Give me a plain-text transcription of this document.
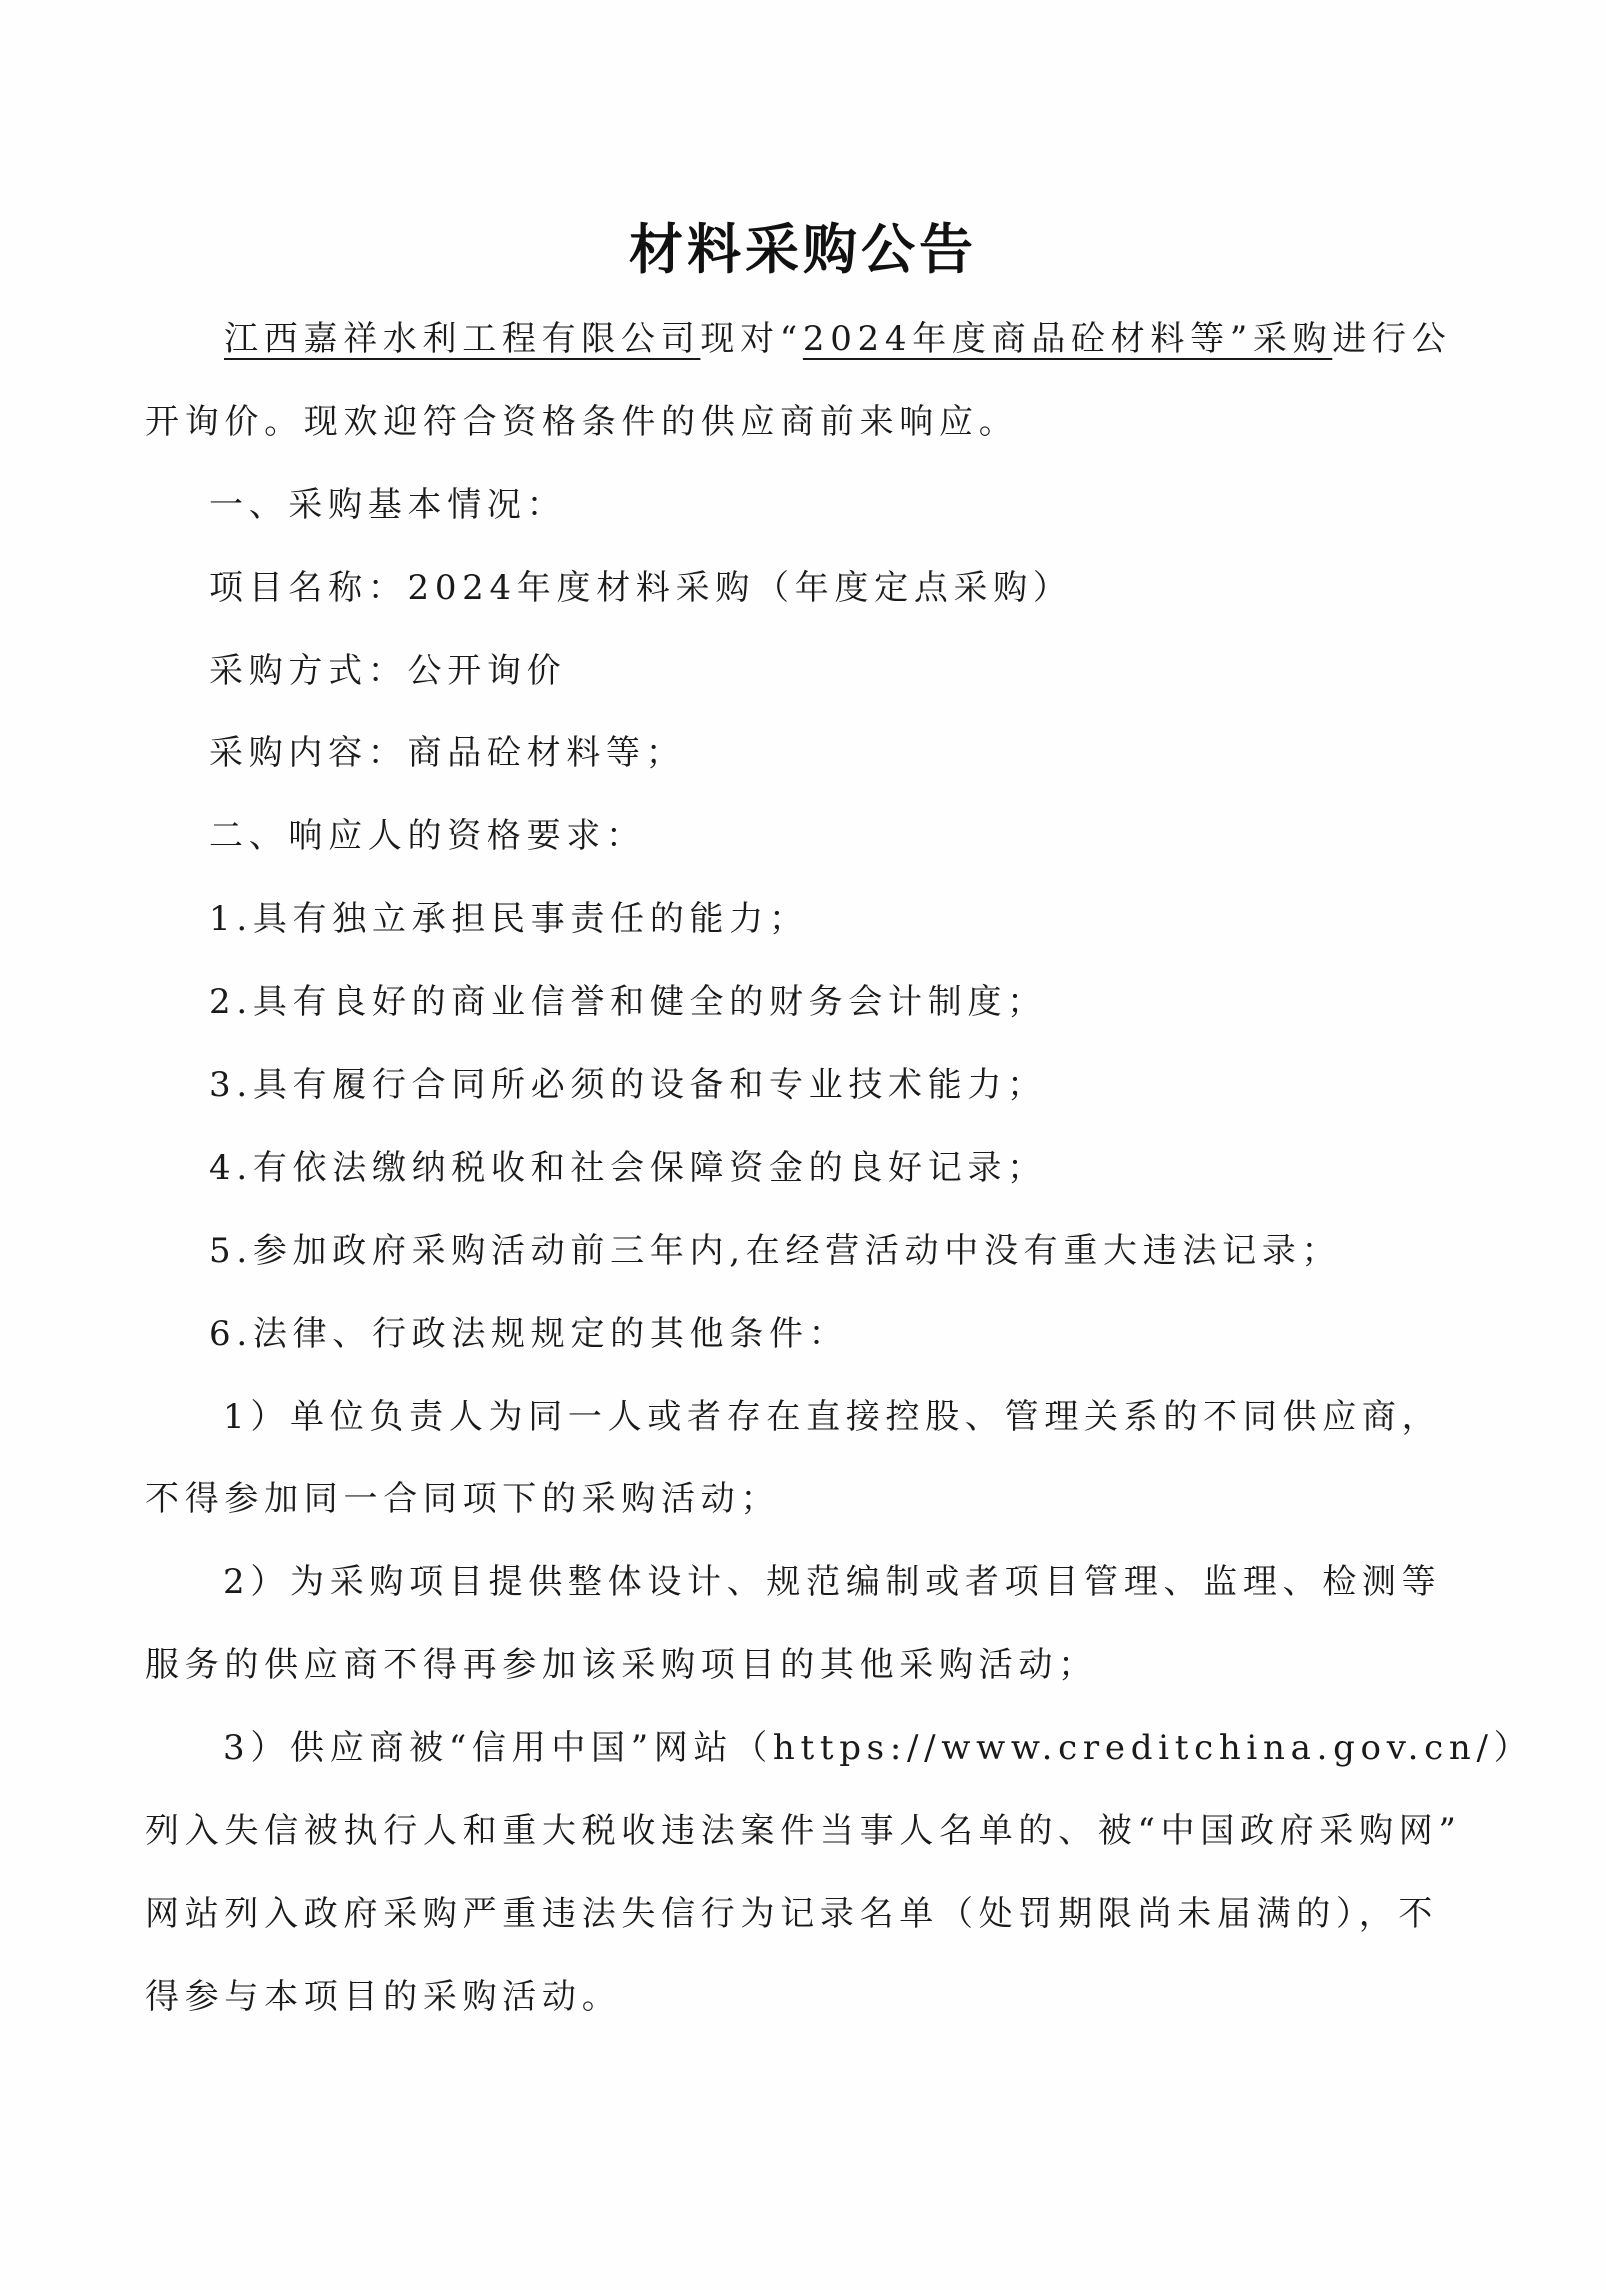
材料采购公告
江西嘉祥水利工程有限公司现对“2024年度商品砼材料等”采购进行公
开询价。现欢迎符合资格条件的供应商前来响应。
一、采购基本情况：
项目名称：2024年度材料采购（年度定点采购）
采购方式：公开询价
采购内容：商品砼材料等；
二、响应人的资格要求：
1.具有独立承担民事责任的能力；
2.具有良好的商业信誉和健全的财务会计制度；
3.具有履行合同所必须的设备和专业技术能力；
4.有依法缴纳税收和社会保障资金的良好记录；
5.参加政府采购活动前三年内,在经营活动中没有重大违法记录；
6.法律、行政法规规定的其他条件：
1）单位负责人为同一人或者存在直接控股、管理关系的不同供应商，
不得参加同一合同项下的采购活动；
2）为采购项目提供整体设计、规范编制或者项目管理、监理、检测等
服务的供应商不得再参加该采购项目的其他采购活动；
3）供应商被“信用中国”网站（https://www.creditchina.gov.cn/）
列入失信被执行人和重大税收违法案件当事人名单的、被“中国政府采购网”
网站列入政府采购严重违法失信行为记录名单（处罚期限尚未届满的），不
得参与本项目的采购活动。
